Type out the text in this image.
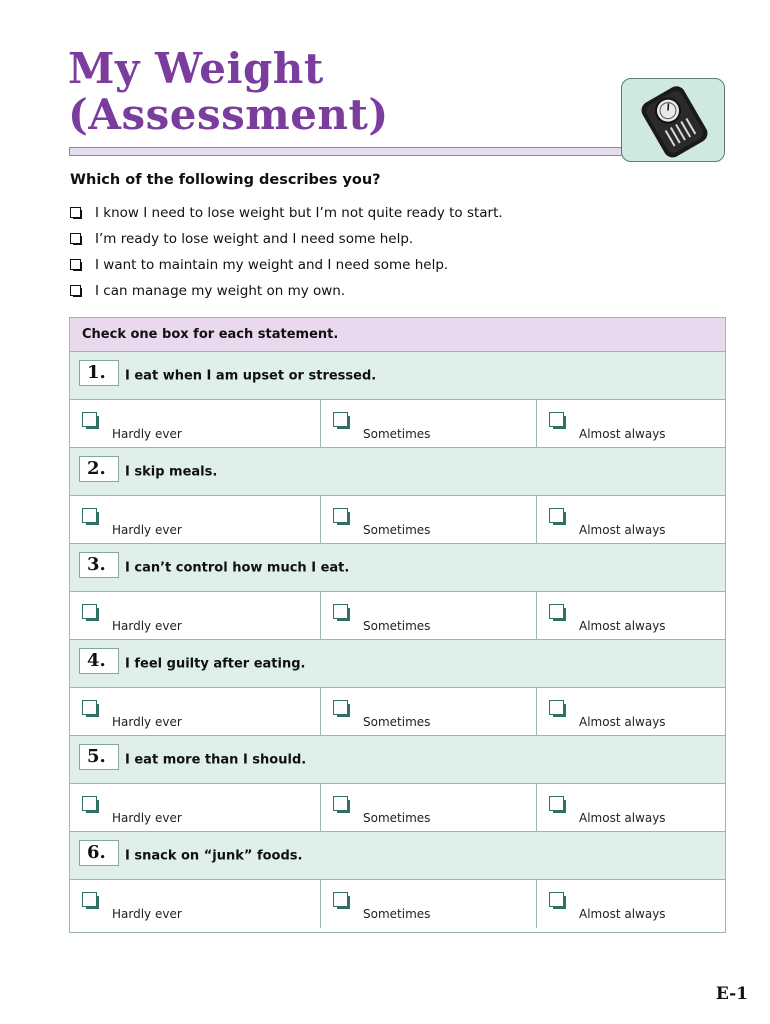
My Weight
(Assessment)
Which of the following describes you?
I know I need to lose weight but I’m not quite ready to start.
I’m ready to lose weight and I need some help.
I want to maintain my weight and I need some help.
I can manage my weight on my own.
Check one box for each statement.
1.	I eat when I am upset or stressed.
Hardly ever	Sometimes	Almost always
2.	I skip meals.
Hardly ever	Sometimes	Almost always
3.	I can’t control how much I eat.
Hardly ever	Sometimes	Almost always
4.	I feel guilty after eating.
Hardly ever	Sometimes	Almost always
5.	I eat more than I should.
Hardly ever	Sometimes	Almost always
6.	I snack on “junk” foods.
Hardly ever	Sometimes	Almost always
E-1
